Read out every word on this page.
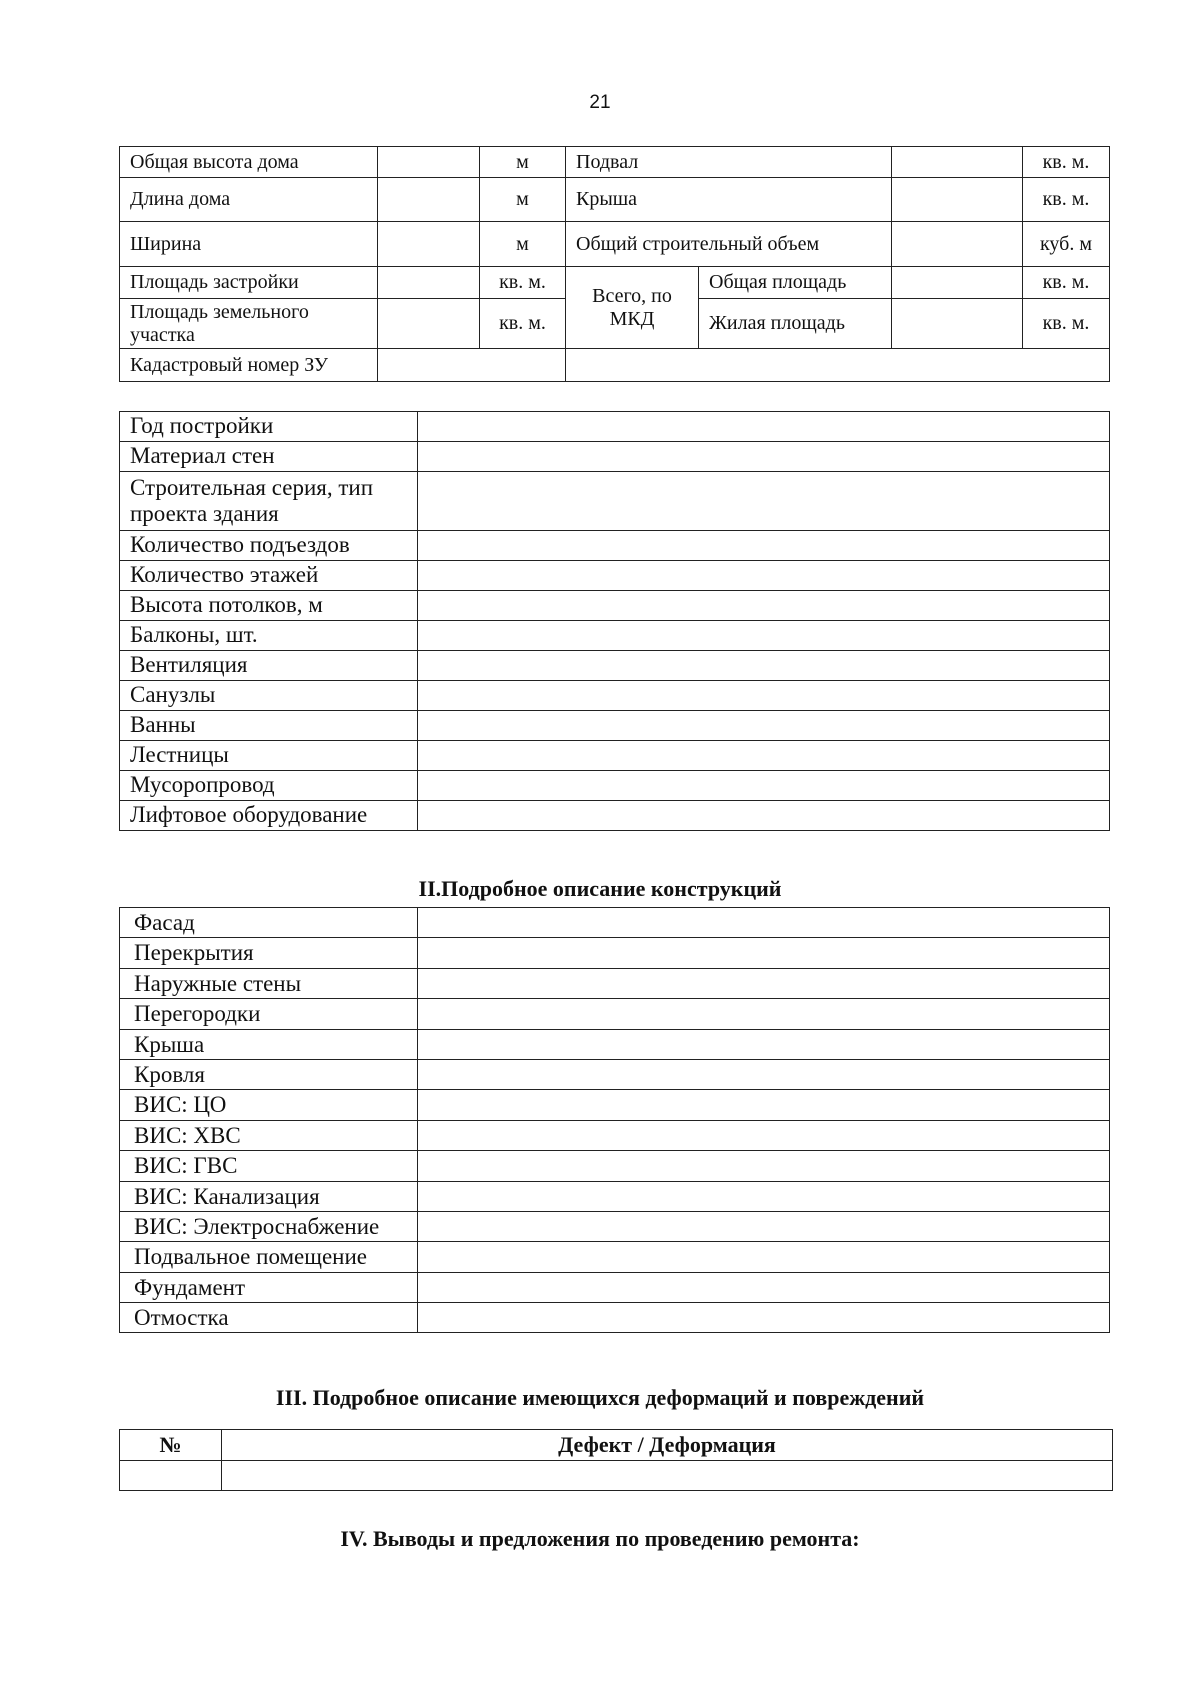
21
Общая высота дома		м	Подвал			кв. м.
Длина дома		м	Крыша			кв. м.
Ширина		м	Общий строительный объем			куб. м
Площадь застройки		кв. м.	Всего, по МКД	Общая площадь		кв. м.
Площадь земельного участка		кв. м.		Жилая площадь		кв. м.
Кадастровый номер ЗУ						
Год постройки	
Материал стен	
Строительная серия, тип проекта здания	
Количество подъездов	
Количество этажей	
Высота потолков, м	
Балконы, шт.	
Вентиляция	
Санузлы	
Ванны	
Лестницы	
Мусоропровод	
Лифтовое оборудование	
II.Подробное описание конструкций
Фасад	
Перекрытия	
Наружные стены	
Перегородки	
Крыша	
Кровля	
ВИС: ЦО	
ВИС: ХВС	
ВИС: ГВС	
ВИС: Канализация	
ВИС: Электроснабжение	
Подвальное помещение	
Фундамент	
Отмостка	
III. Подробное описание имеющихся деформаций и повреждений
№	Дефект / Деформация

IV. Выводы и предложения по проведению ремонта:
